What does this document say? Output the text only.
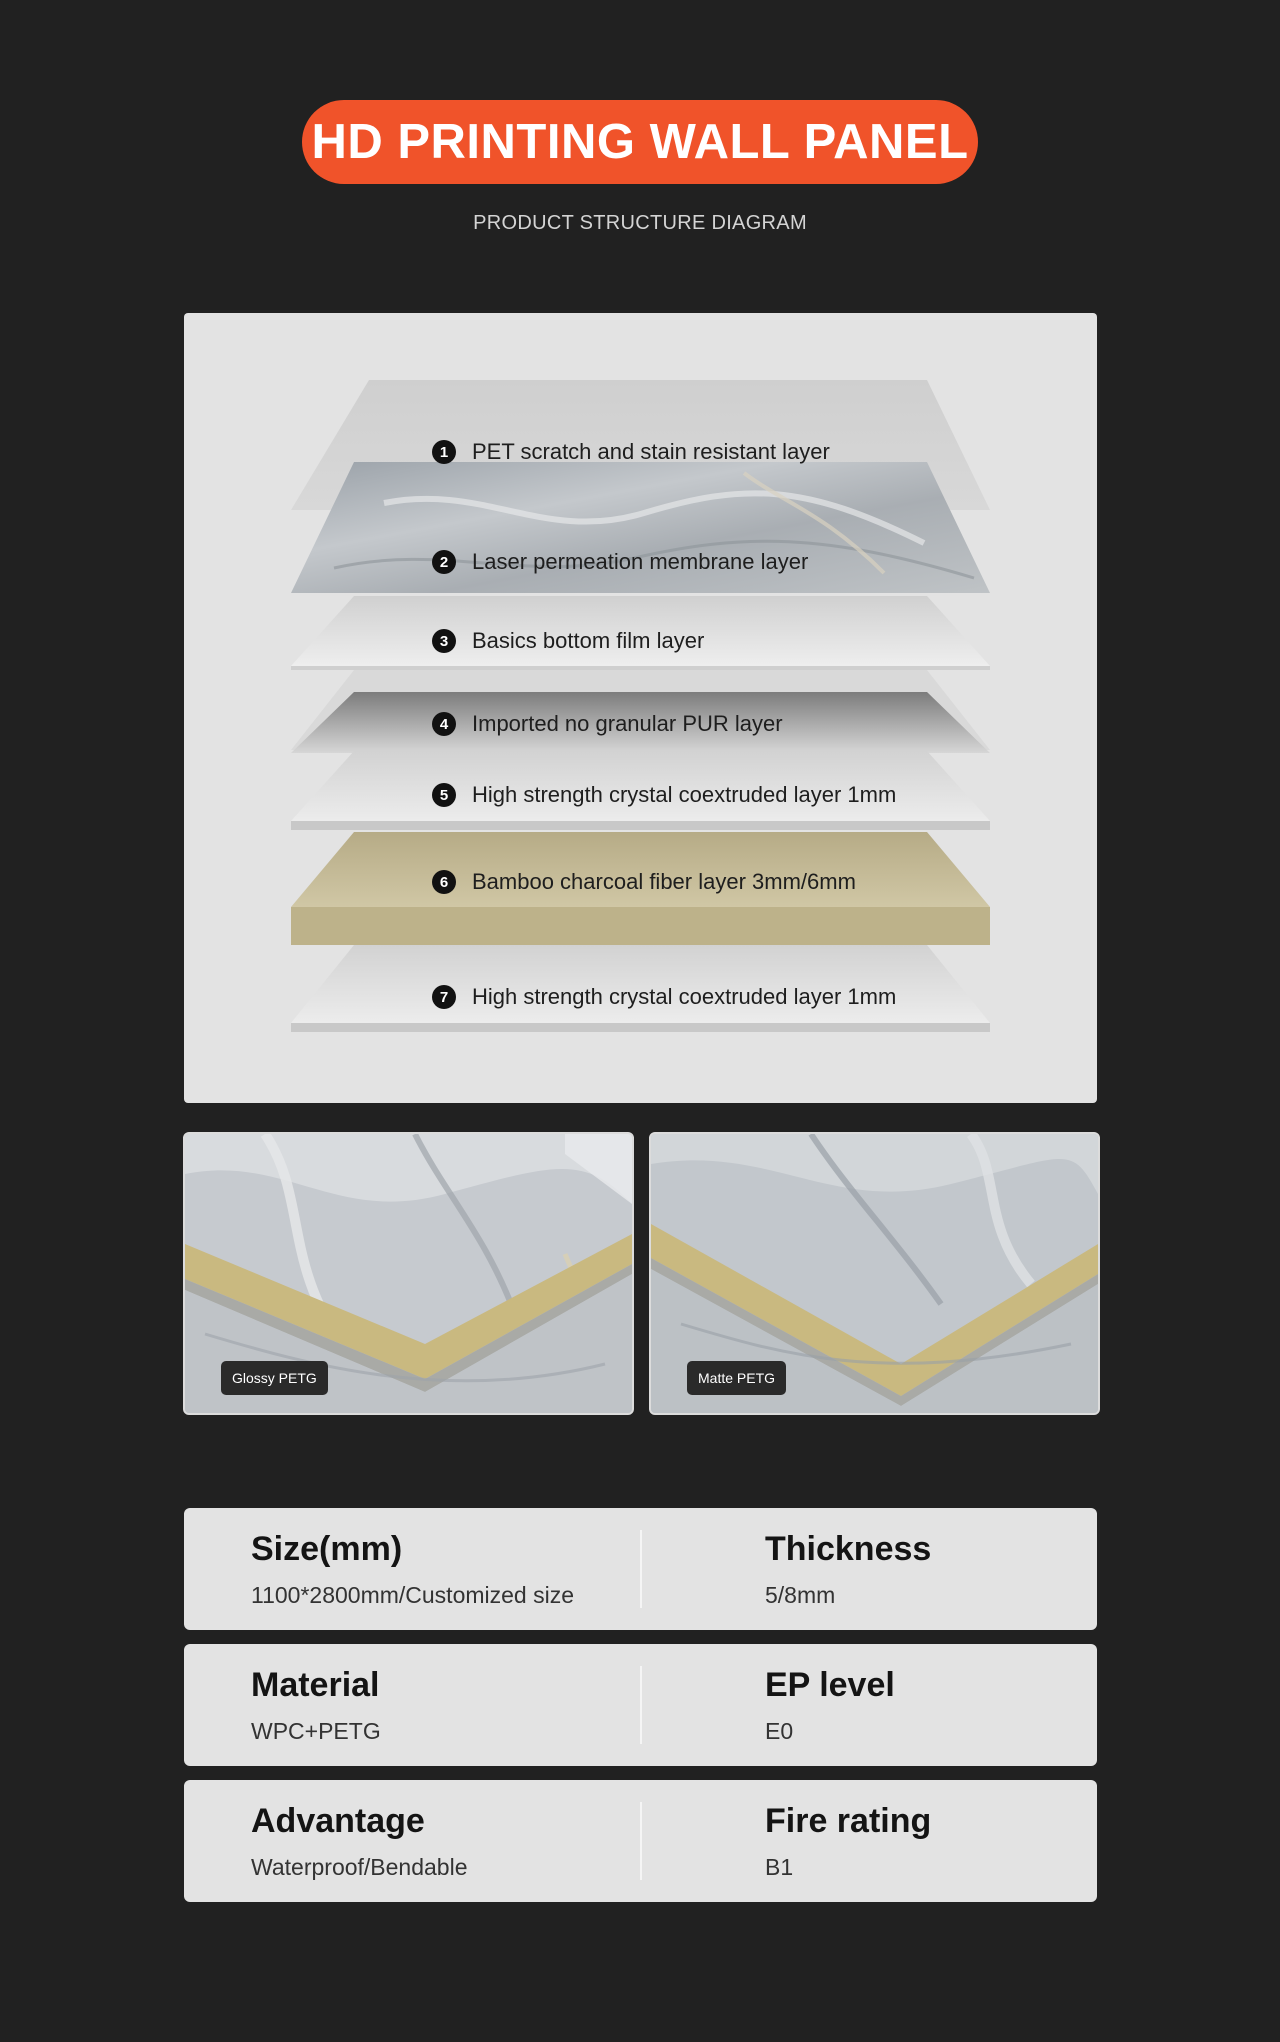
HD PRINTING WALL PANEL
PRODUCT STRUCTURE DIAGRAM
1	PET scratch and stain resistant layer
2	Laser permeation membrane layer
3	Basics bottom film layer
4	Imported no granular PUR layer
5	High strength crystal coextruded layer 1mm
6	Bamboo charcoal fiber layer 3mm/6mm
7	High strength crystal coextruded layer 1mm
Glossy PETG	Matte PETG
Size(mm)
1100*2800mm/Customized size
Thickness
5/8mm
Material
WPC+PETG
EP level
E0
Advantage
Waterproof/Bendable
Fire rating
B1
